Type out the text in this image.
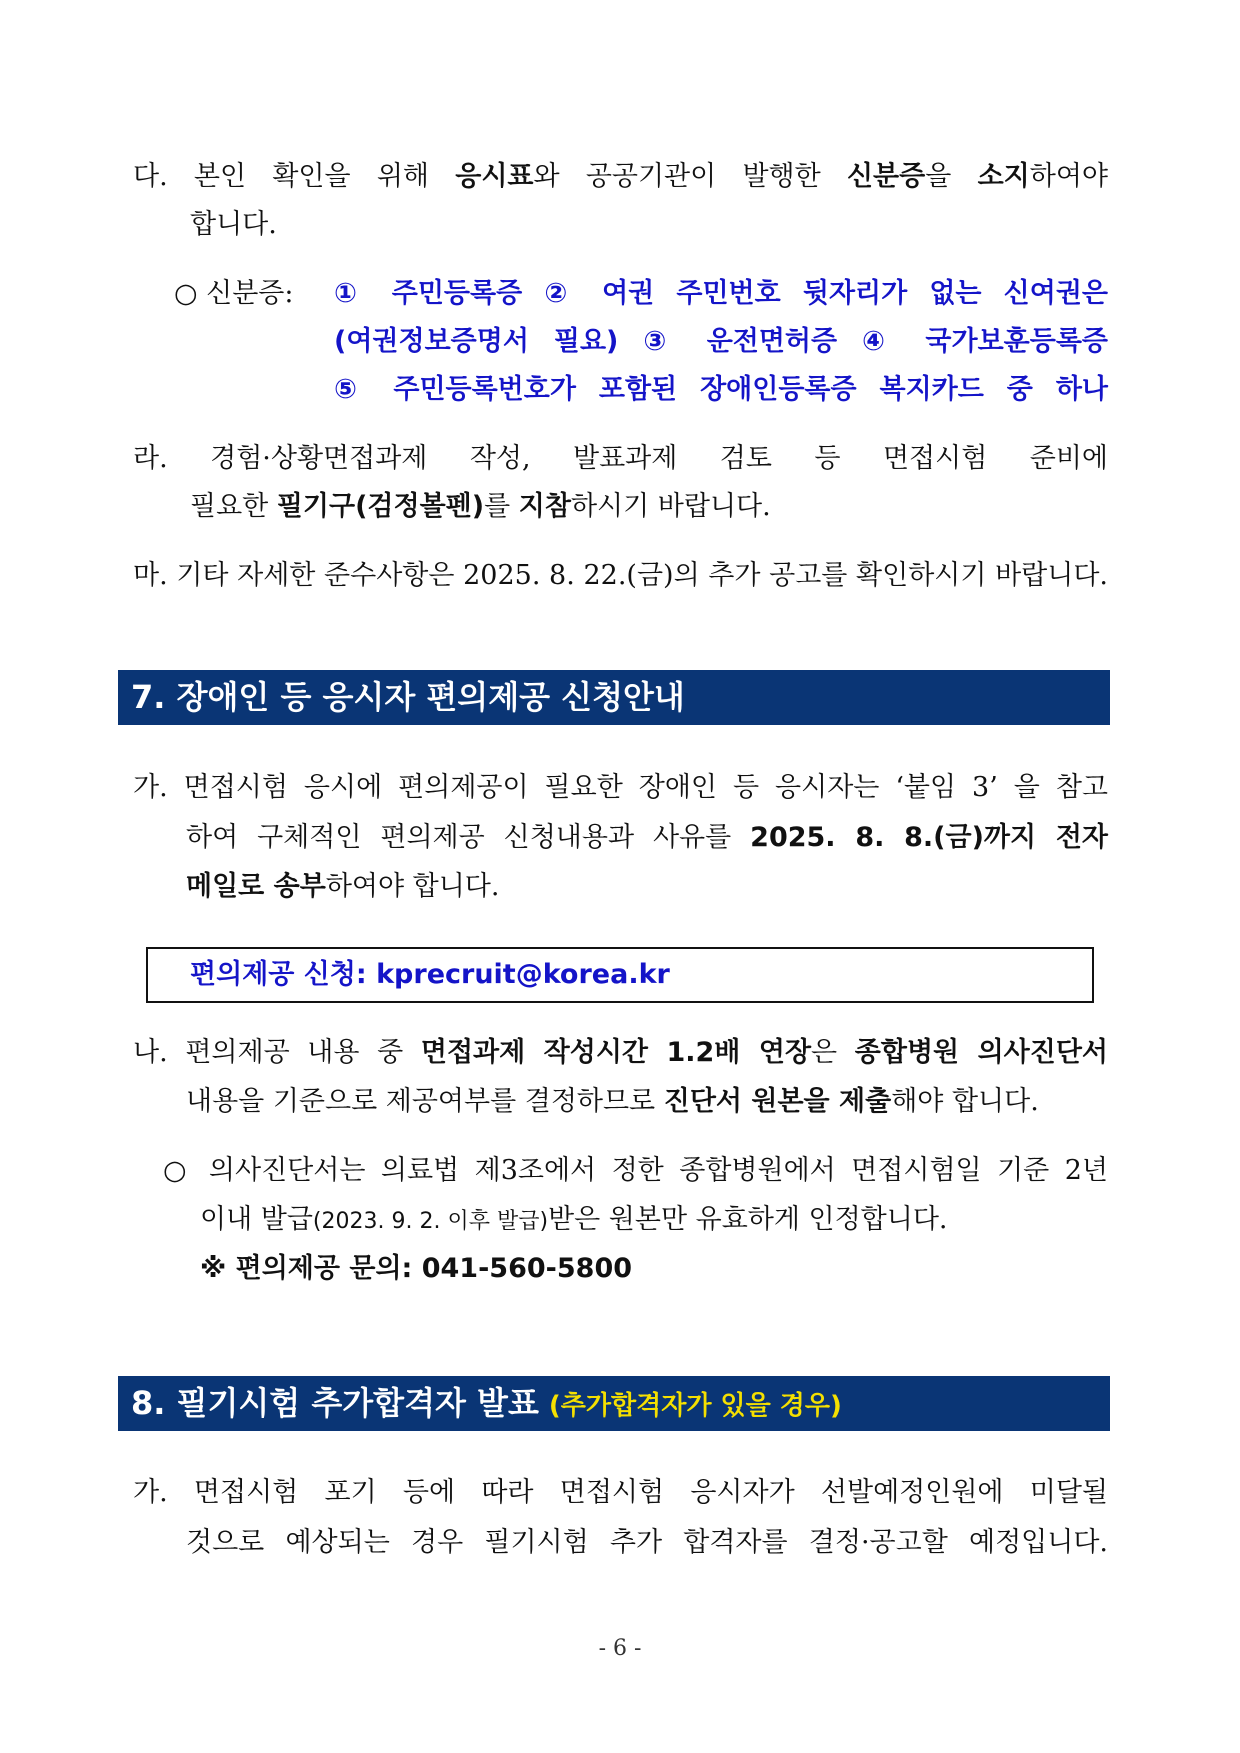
다. 본인 확인을 위해 응시표와 공공기관이 발행한 신분증을 소지하여야
합니다.
○ 신분증: ① 주민등록증 ② 여권 주민번호 뒷자리가 없는 신여권은
(여권정보증명서 필요) ③ 운전면허증 ④ 국가보훈등록증
⑤ 주민등록번호가 포함된 장애인등록증 복지카드 중 하나
라. 경험·상황면접과제 작성, 발표과제 검토 등 면접시험 준비에
필요한 필기구(검정볼펜)를 지참하시기 바랍니다.
마. 기타 자세한 준수사항은 2025. 8. 22.(금)의 추가 공고를 확인하시기 바랍니다.
7. 장애인 등 응시자 편의제공 신청안내
가. 면접시험 응시에 편의제공이 필요한 장애인 등 응시자는 ‘붙임 3’ 을 참고
하여 구체적인 편의제공 신청내용과 사유를 2025. 8. 8.(금)까지 전자
메일로 송부하여야 합니다.
편의제공 신청: kprecruit@korea.kr
나. 편의제공 내용 중 면접과제 작성시간 1.2배 연장은 종합병원 의사진단서
내용을 기준으로 제공여부를 결정하므로 진단서 원본을 제출해야 합니다.
○ 의사진단서는 의료법 제3조에서 정한 종합병원에서 면접시험일 기준 2년
이내 발급(2023. 9. 2. 이후 발급)받은 원본만 유효하게 인정합니다.
※ 편의제공 문의: 041-560-5800
8. 필기시험 추가합격자 발표 (추가합격자가 있을 경우)
가. 면접시험 포기 등에 따라 면접시험 응시자가 선발예정인원에 미달될
것으로 예상되는 경우 필기시험 추가 합격자를 결정·공고할 예정입니다.
- 6 -
